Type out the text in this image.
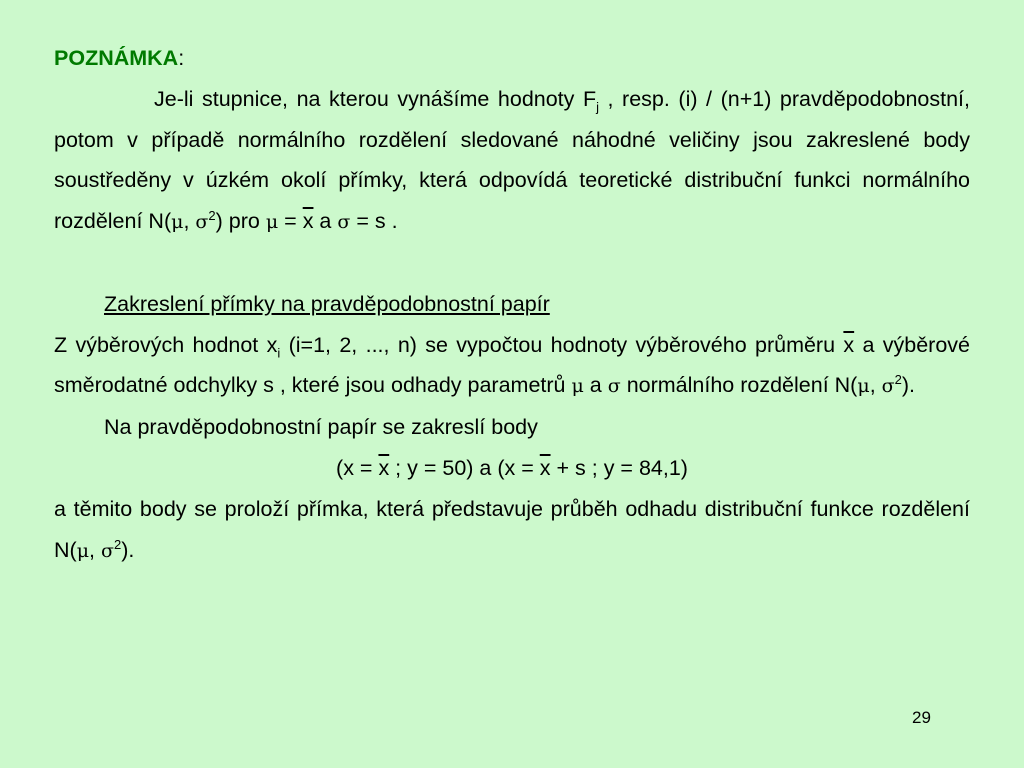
POZNÁMKA:
Je-li stupnice, na kterou vynášíme hodnoty $F_j$ , resp. (i) / (n+1) pravděpodobnostní, potom v případě normálního rozdělení sledované náhodné veličiny jsou zakreslené body soustředěny v úzkém okolí přímky, která odpovídá teoretické distribuční funkci normálního rozdělení N(μ, $\sigma^2$) pro $\mu = \overline{x}$ a σ = s .
Zakreslení přímky na pravděpodobnostní papír
Z výběrových hodnot $x_i$ (i=1, 2, ..., n) se vypočtou hodnoty výběrového průměru $\overline{x}$ a výběrové směrodatné odchylky s , které jsou odhady parametrů μ a σ normálního rozdělení N(μ, $\sigma^2$).
Na pravděpodobnostní papír se zakreslí body
($x = \overline{x}$ ; y = 50) a ($x = \overline{x} + s$ ; y = 84,1)
a těmito body se proloží přímka, která představuje průběh odhadu distribuční funkce rozdělení N(μ, $\sigma^2$).
29
